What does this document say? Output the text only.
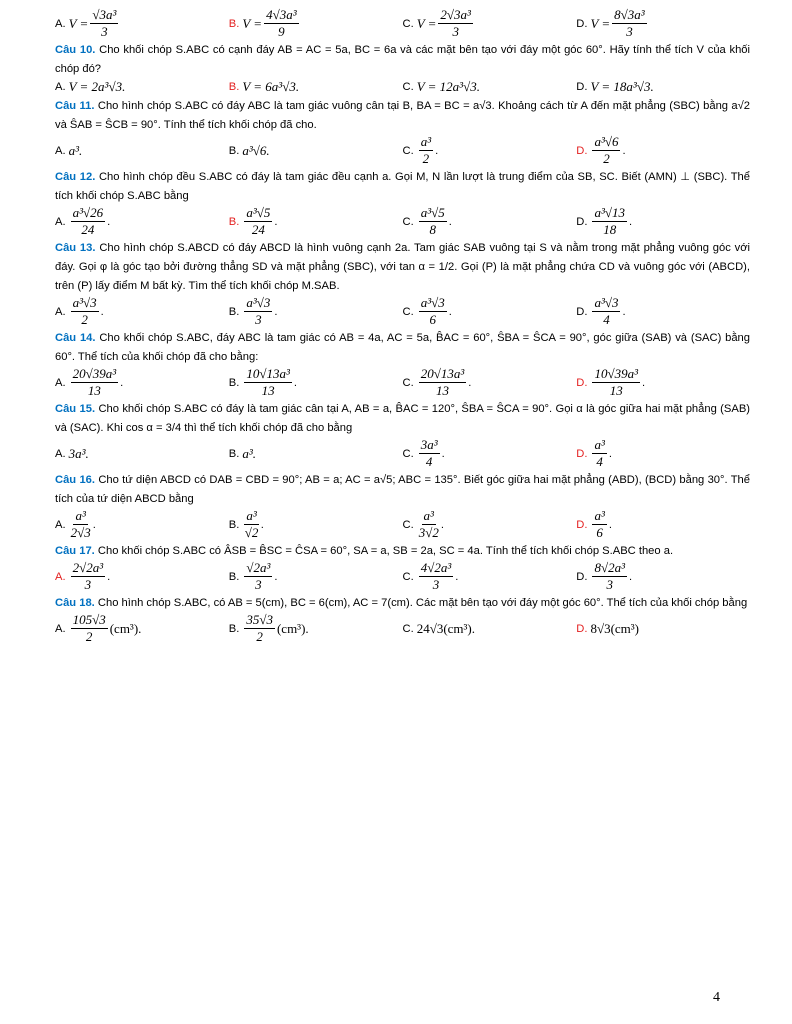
A. $V = \frac{\text{√3a³}}{3}$	B. $V = \frac{\text{4√3a³}}{9}$	C. $V = \frac{\text{2√3a³}}{3}$	D. $V = \frac{\text{8√3a³}}{3}$
Câu 10. Cho khối chóp S.ABC có cạnh đáy AB = AC = 5a, BC = 6a và các mặt bên tạo với đáy một góc 60°. Hãy tính thể tích V của khối chóp đó?
A. V = 2a³√3.	B. V = 6a³√3.	C. V = 12a³√3.	D. V = 18a³√3.
Câu 11. Cho hình chóp S.ABC có đáy ABC là tam giác vuông cân tại B, BA = BC = a√3. Khoảng cách từ A đến mặt phẳng (SBC) bằng a√2 và ŜAB = ŜCB = 90°. Tính thể tích khối chóp đã cho.
A. a³.	B. a³√6.	C. $\frac{\text{a³}}{2}$ .	D. $\frac{\text{a³√6}}{2}$ .
Câu 12. Cho hình chóp đều S.ABC có đáy là tam giác đều cạnh a. Gọi M, N lần lượt là trung điểm của SB, SC. Biết (AMN) ⊥ (SBC). Thể tích khối chóp S.ABC bằng
A. $\frac{\text{a³√26}}{24}$ .	B. $\frac{\text{a³√5}}{24}$ .	C. $\frac{\text{a³√5}}{8}$ .	D. $\frac{\text{a³√13}}{18}$ .
Câu 13. Cho hình chóp S.ABCD có đáy ABCD là hình vuông cạnh 2a. Tam giác SAB vuông tại S và nằm trong mặt phẳng vuông góc với đáy. Gọi φ là góc tạo bởi đường thẳng SD và mặt phẳng (SBC), với tan α = 1/2. Gọi (P) là mặt phẳng chứa CD và vuông góc với (ABCD), trên (P) lấy điểm M bất kỳ. Tìm thể tích khối chóp M.SAB.
A. $\frac{\text{a³√3}}{2}$ .	B. $\frac{\text{a³√3}}{3}$ .	C. $\frac{\text{a³√3}}{6}$ .	D. $\frac{\text{a³√3}}{4}$ .
Câu 14. Cho khối chóp S.ABC, đáy ABC là tam giác có AB = 4a, AC = 5a, B̂AC = 60°, ŜBA = ŜCA = 90°, góc giữa (SAB) và (SAC) bằng 60°. Thể tích của khối chóp đã cho bằng:
A. $\frac{\text{20√39a³}}{13}$ .	B. $\frac{\text{10√13a³}}{13}$ .	C. $\frac{\text{20√13a³}}{13}$ .	D. $\frac{\text{10√39a³}}{13}$ .
Câu 15. Cho khối chóp S.ABC có đáy là tam giác cân tại A, AB = a, B̂AC = 120°, ŜBA = ŜCA = 90°. Gọi α là góc giữa hai mặt phẳng (SAB) và (SAC). Khi cos α = 3/4 thì thể tích khối chóp đã cho bằng
A. 3a³.	B. a³.	C. $\frac{\text{3a³}}{4}$ .	D. $\frac{\text{a³}}{4}$ .
Câu 16. Cho tứ diện ABCD có DAB = CBD = 90°; AB = a; AC = a√5; ABC = 135°. Biết góc giữa hai mặt phẳng (ABD), (BCD) bằng 30°. Thể tích của tứ diện ABCD bằng
A. $\frac{\text{a³}}{2√3}$ .	B. $\frac{\text{a³}}{√2}$ .	C. $\frac{\text{a³}}{3√2}$ .	D. $\frac{\text{a³}}{6}$ .
Câu 17. Cho khối chóp S.ABC có ÂSB = B̂SC = ĈSA = 60°, SA = a, SB = 2a, SC = 4a. Tính thể tích khối chóp S.ABC theo a.
A. $\frac{\text{2√2a³}}{3}$ .	B. $\frac{\text{√2a³}}{3}$ .	C. $\frac{\text{4√2a³}}{3}$ .	D. $\frac{\text{8√2a³}}{3}$ .
Câu 18. Cho hình chóp S.ABC, có AB = 5(cm), BC = 6(cm), AC = 7(cm). Các mặt bên tạo với đáy một góc 60°. Thể tích của khối chóp bằng
A. $\frac{105√3}{2} (cm^3)$.	B. $\frac{35√3}{2} (cm^3)$.	C. 24√3(cm³).	D. 8√3(cm³)
4
